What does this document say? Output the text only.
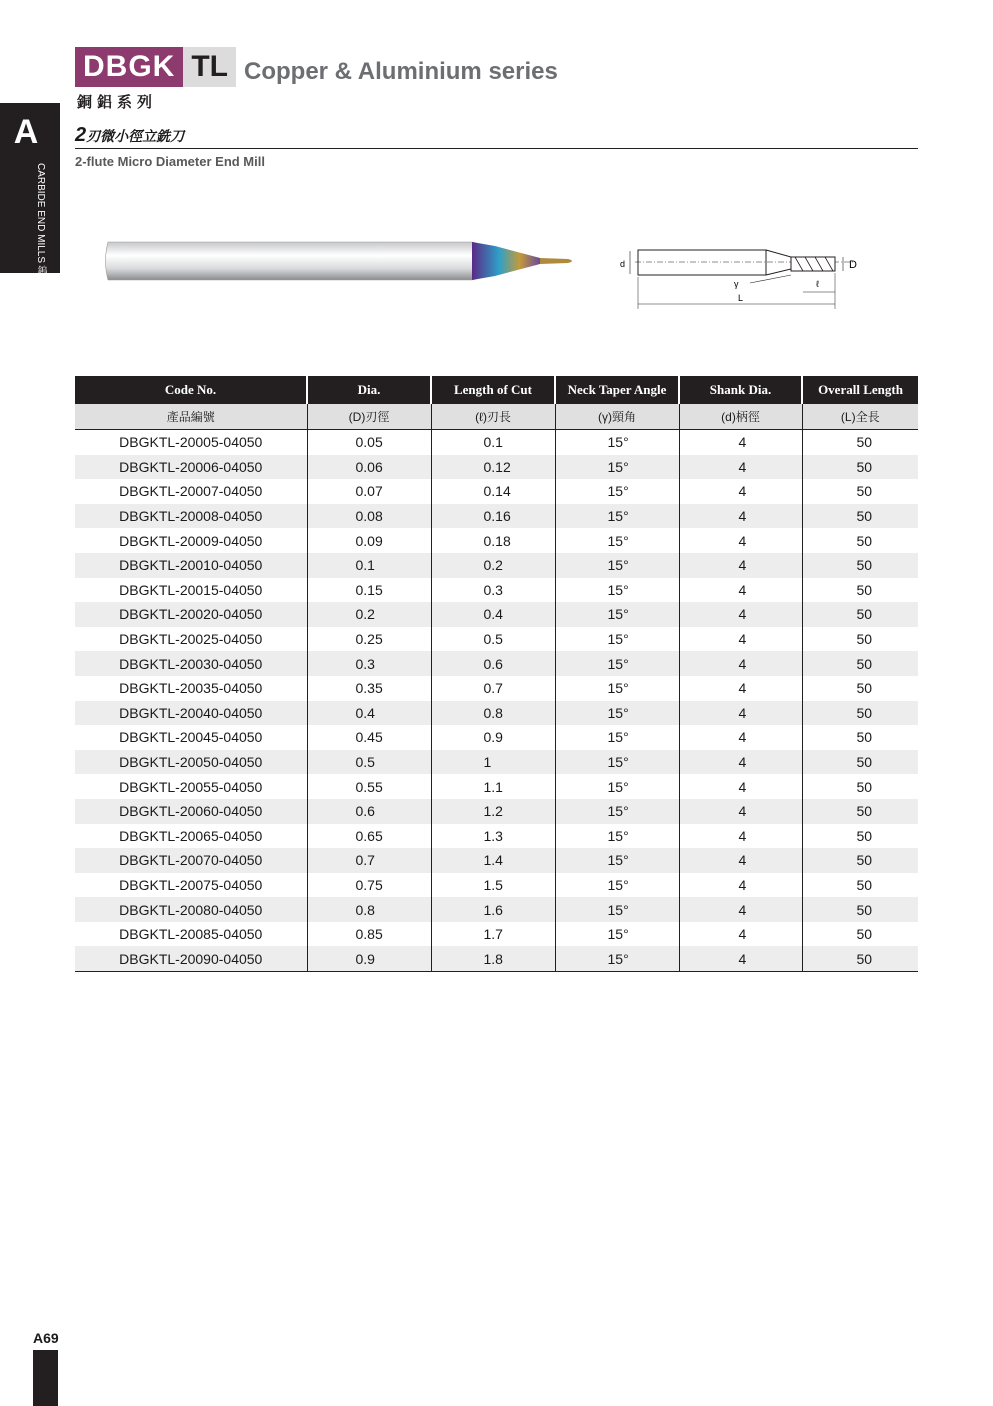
A
CARBIDE END MILLS 鎢鋼銑刀
DBGK TL Copper & Aluminium series
銅鋁系列
2刃微小徑立銑刀
2-flute Micro Diameter End Mill
d	D
γ	ℓ
L
Code No.	Dia.	Length of Cut	Neck Taper Angle	Shank Dia.	Overall Length
產品編號	(D)刃徑	(ℓ)刃長	(γ)頸角	(d)柄徑	(L)全長
DBGKTL-20005-04050	0.05	0.1	15°	4	50
DBGKTL-20006-04050	0.06	0.12	15°	4	50
DBGKTL-20007-04050	0.07	0.14	15°	4	50
DBGKTL-20008-04050	0.08	0.16	15°	4	50
DBGKTL-20009-04050	0.09	0.18	15°	4	50
DBGKTL-20010-04050	0.1	0.2	15°	4	50
DBGKTL-20015-04050	0.15	0.3	15°	4	50
DBGKTL-20020-04050	0.2	0.4	15°	4	50
DBGKTL-20025-04050	0.25	0.5	15°	4	50
DBGKTL-20030-04050	0.3	0.6	15°	4	50
DBGKTL-20035-04050	0.35	0.7	15°	4	50
DBGKTL-20040-04050	0.4	0.8	15°	4	50
DBGKTL-20045-04050	0.45	0.9	15°	4	50
DBGKTL-20050-04050	0.5	1	15°	4	50
DBGKTL-20055-04050	0.55	1.1	15°	4	50
DBGKTL-20060-04050	0.6	1.2	15°	4	50
DBGKTL-20065-04050	0.65	1.3	15°	4	50
DBGKTL-20070-04050	0.7	1.4	15°	4	50
DBGKTL-20075-04050	0.75	1.5	15°	4	50
DBGKTL-20080-04050	0.8	1.6	15°	4	50
DBGKTL-20085-04050	0.85	1.7	15°	4	50
DBGKTL-20090-04050	0.9	1.8	15°	4	50
A69
